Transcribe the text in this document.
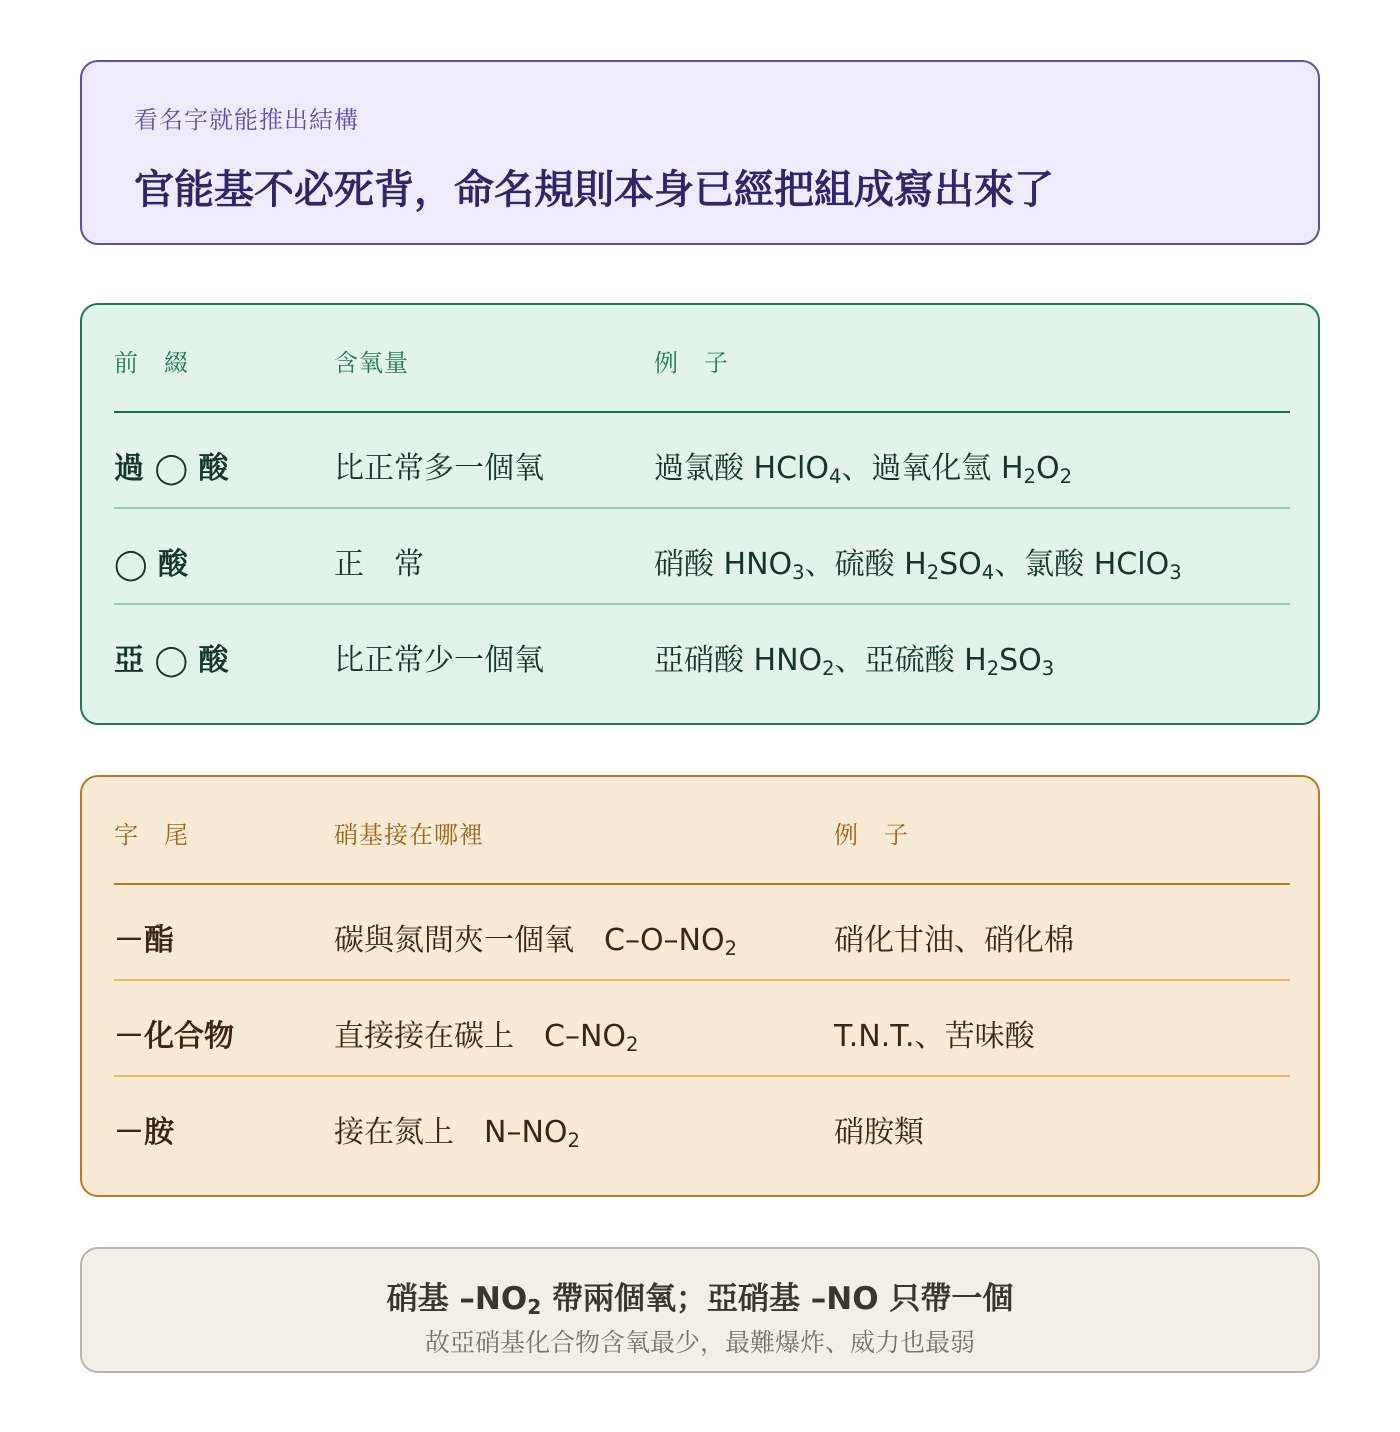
看名字就能推出結構
官能基不必死背，命名規則本身已經把組成寫出來了
前　綴	含氧量	例　子
過 ◯ 酸	比正常多一個氧	過氯酸 HClO$_4$、過氧化氫 $H_2O_2$
◯ 酸	正　常	硝酸 $HNO_3$、硫酸 $H_2SO_4$、氯酸 HClO$_3$
亞 ◯ 酸	比正常少一個氧	亞硝酸 $HNO_2$、亞硫酸 $H_2SO_3$
字　尾	硝基接在哪裡	例　子
－酯	碳與氮間夾一個氧　$C-O-NO_2$	硝化甘油、硝化棉
－化合物	直接接在碳上　$C-NO_2$	T.N.T.、苦味酸
－胺	接在氮上　$N-NO_2$	硝胺類
硝基 $-NO_2$ 帶兩個氧；亞硝基 –NO 只帶一個
故亞硝基化合物含氧最少，最難爆炸、威力也最弱
